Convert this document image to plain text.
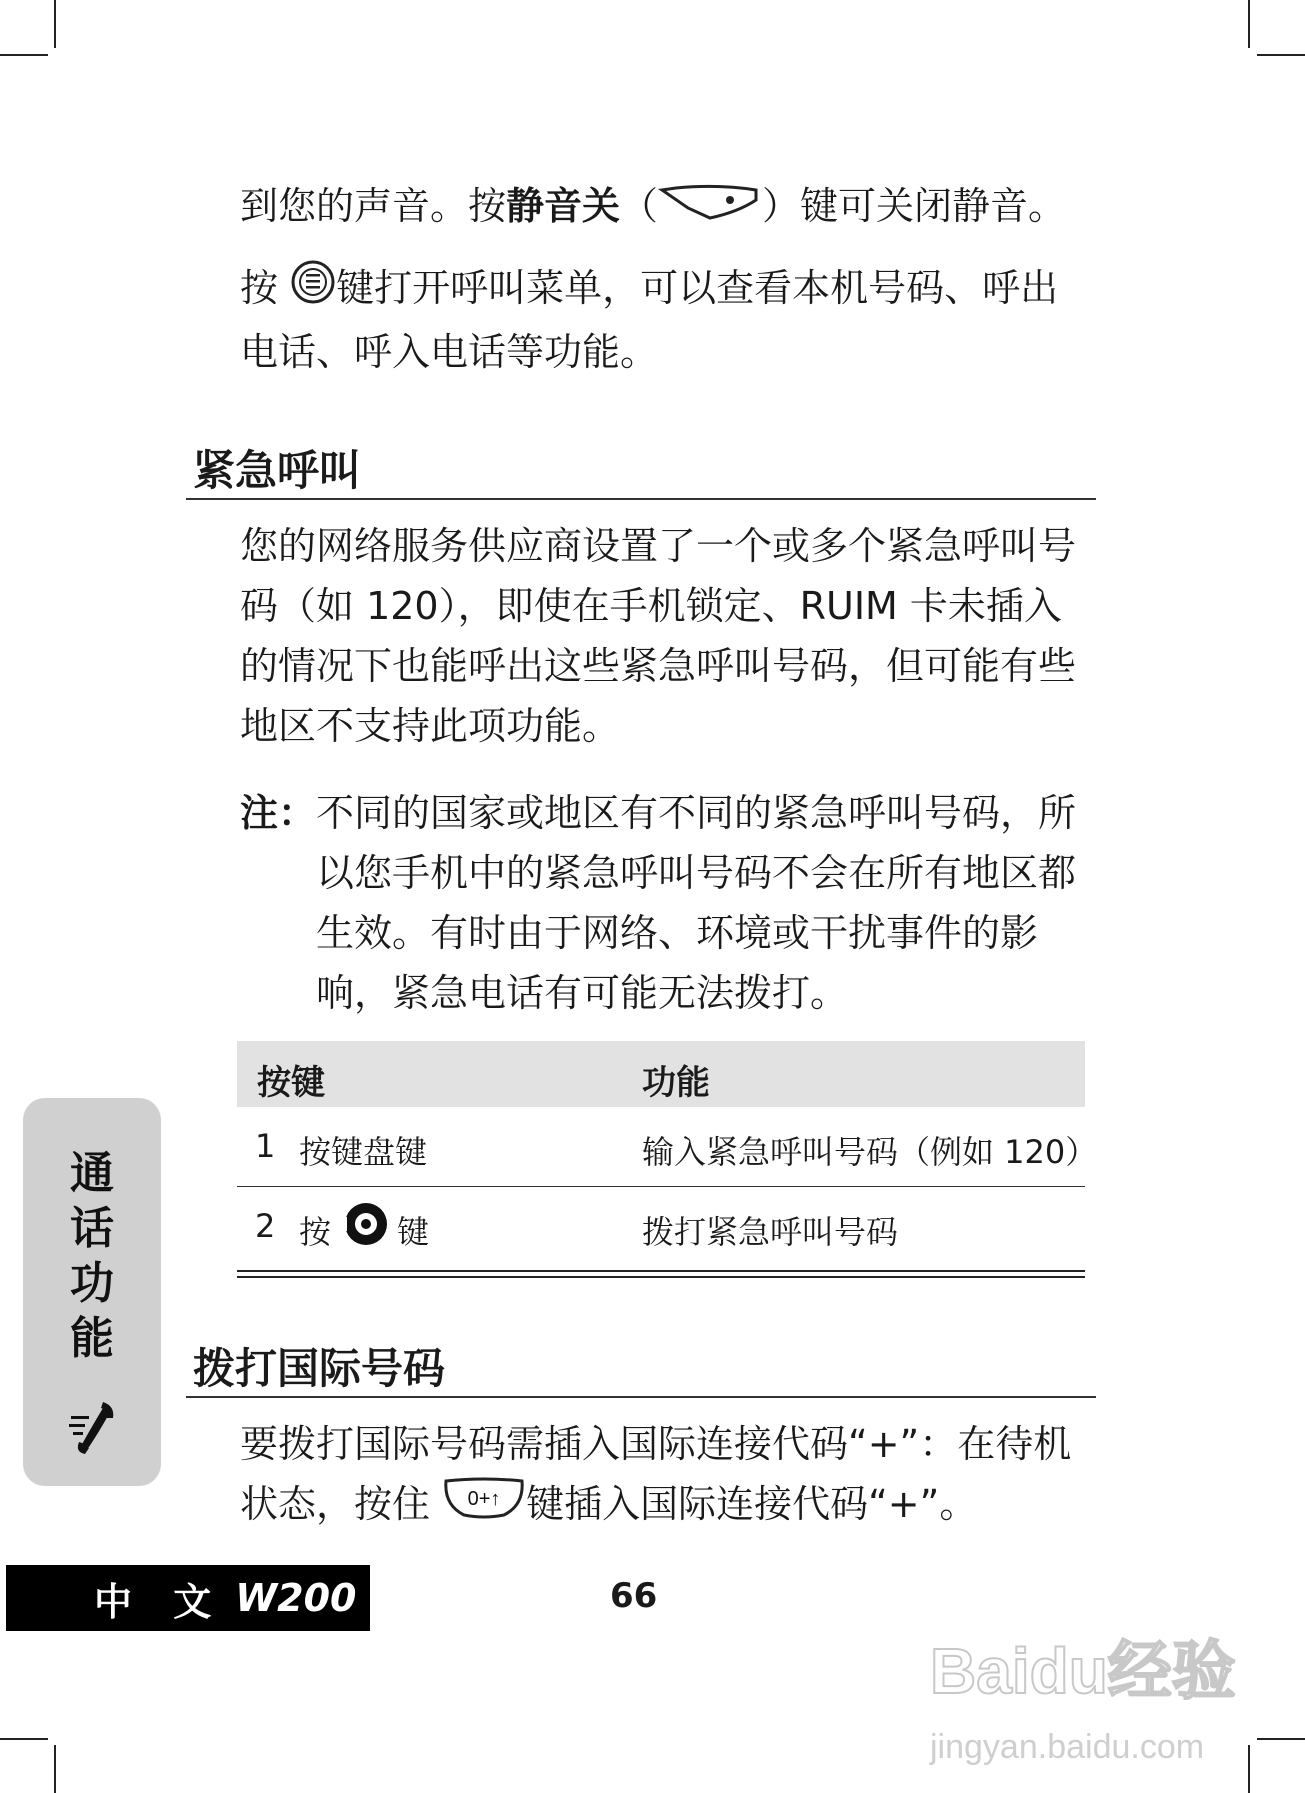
到您的声音。按静音关（	）键可关闭静音。

按 键打开呼叫菜单，可以查看本机号码、呼出电话、呼入电话等功能。

紧急呼叫

您的网络服务供应商设置了一个或多个紧急呼叫号码（如 120），即使在手机锁定、RUIM 卡未插入的情况下也能呼出这些紧急呼叫号码，但可能有些地区不支持此项功能。

注： 不同的国家或地区有不同的紧急呼叫号码，所以您手机中的紧急呼叫号码不会在所有地区都生效。有时由于网络、环境或干扰事件的影响，紧急电话有可能无法拨打。

按键	功能
1 按键盘键	输入紧急呼叫号码（例如 120）
2 按 键	拨打紧急呼叫号码
拨打国际号码

要拨打国际号码需插入国际连接代码“+”：在待机

状态，按住 0+↑ 键插入国际连接代码“+”。

通
话
功
能
中 文 W200	66
Baidu经验
jingyan.baidu.com
